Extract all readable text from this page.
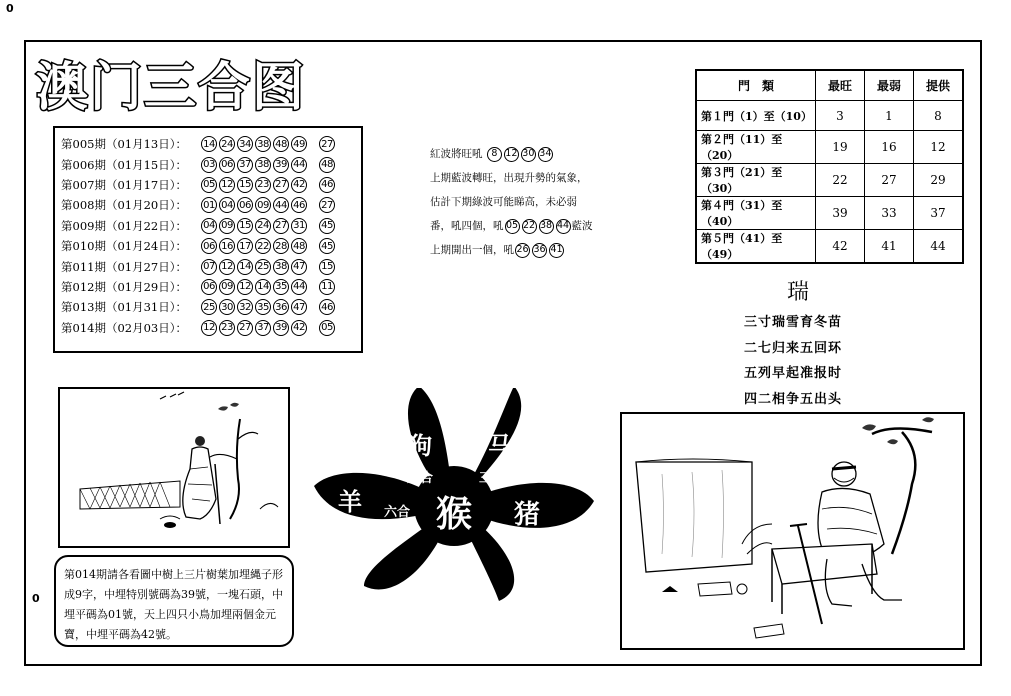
0
0
澳门三合图
第005期（01月13日）：	14 24 34 38 48 49 27
第006期（01月15日）：	03 06 37 38 39 44 48
第007期（01月17日）：	05 12 15 23 27 42 46
第008期（01月20日）：	01 04 06 09 44 46 27
第009期（01月22日）：	04 09 15 24 27 31 45
第010期（01月24日）：	06 16 17 22 28 48 45
第011期（01月27日）：	07 12 14 25 38 47 15
第012期（01月29日）：	06 09 12 14 35 44 11
第013期（01月31日）：	25 30 32 35 36 47 46
第014期（02月03日）：	12 23 27 37 39 42 05
紅波將旺吼 8 12 30 34
上期藍波轉旺，出現升勢的氣象，
估計下期綠波可能睇高，未必弱
番，吼四個，吼 05 22 38 44 藍波
上期開出一個，吼 26 36 41
門　類	最旺	最弱	提供
第１門（1）至（10）	3	1	8
第２門（11）至（20）	19	16	12
第３門（21）至（30）	22	27	29
第４門（31）至（40）	39	33	37
第５門（41）至（49）	42	41	44
瑞
三寸瑞雪育冬苗
二七归来五回环
五列早起准报时
四二相争五出头
狗 马
六合	三合
羊 六合 猴 猪
第014期請各看圖中樹上三片樹葉加埋縄子形成9字，中埋特別號碼為39號，一塊石頭，中埋平碼為01號，天上四只小鳥加埋兩個金元寶，中埋平碼為42號。
